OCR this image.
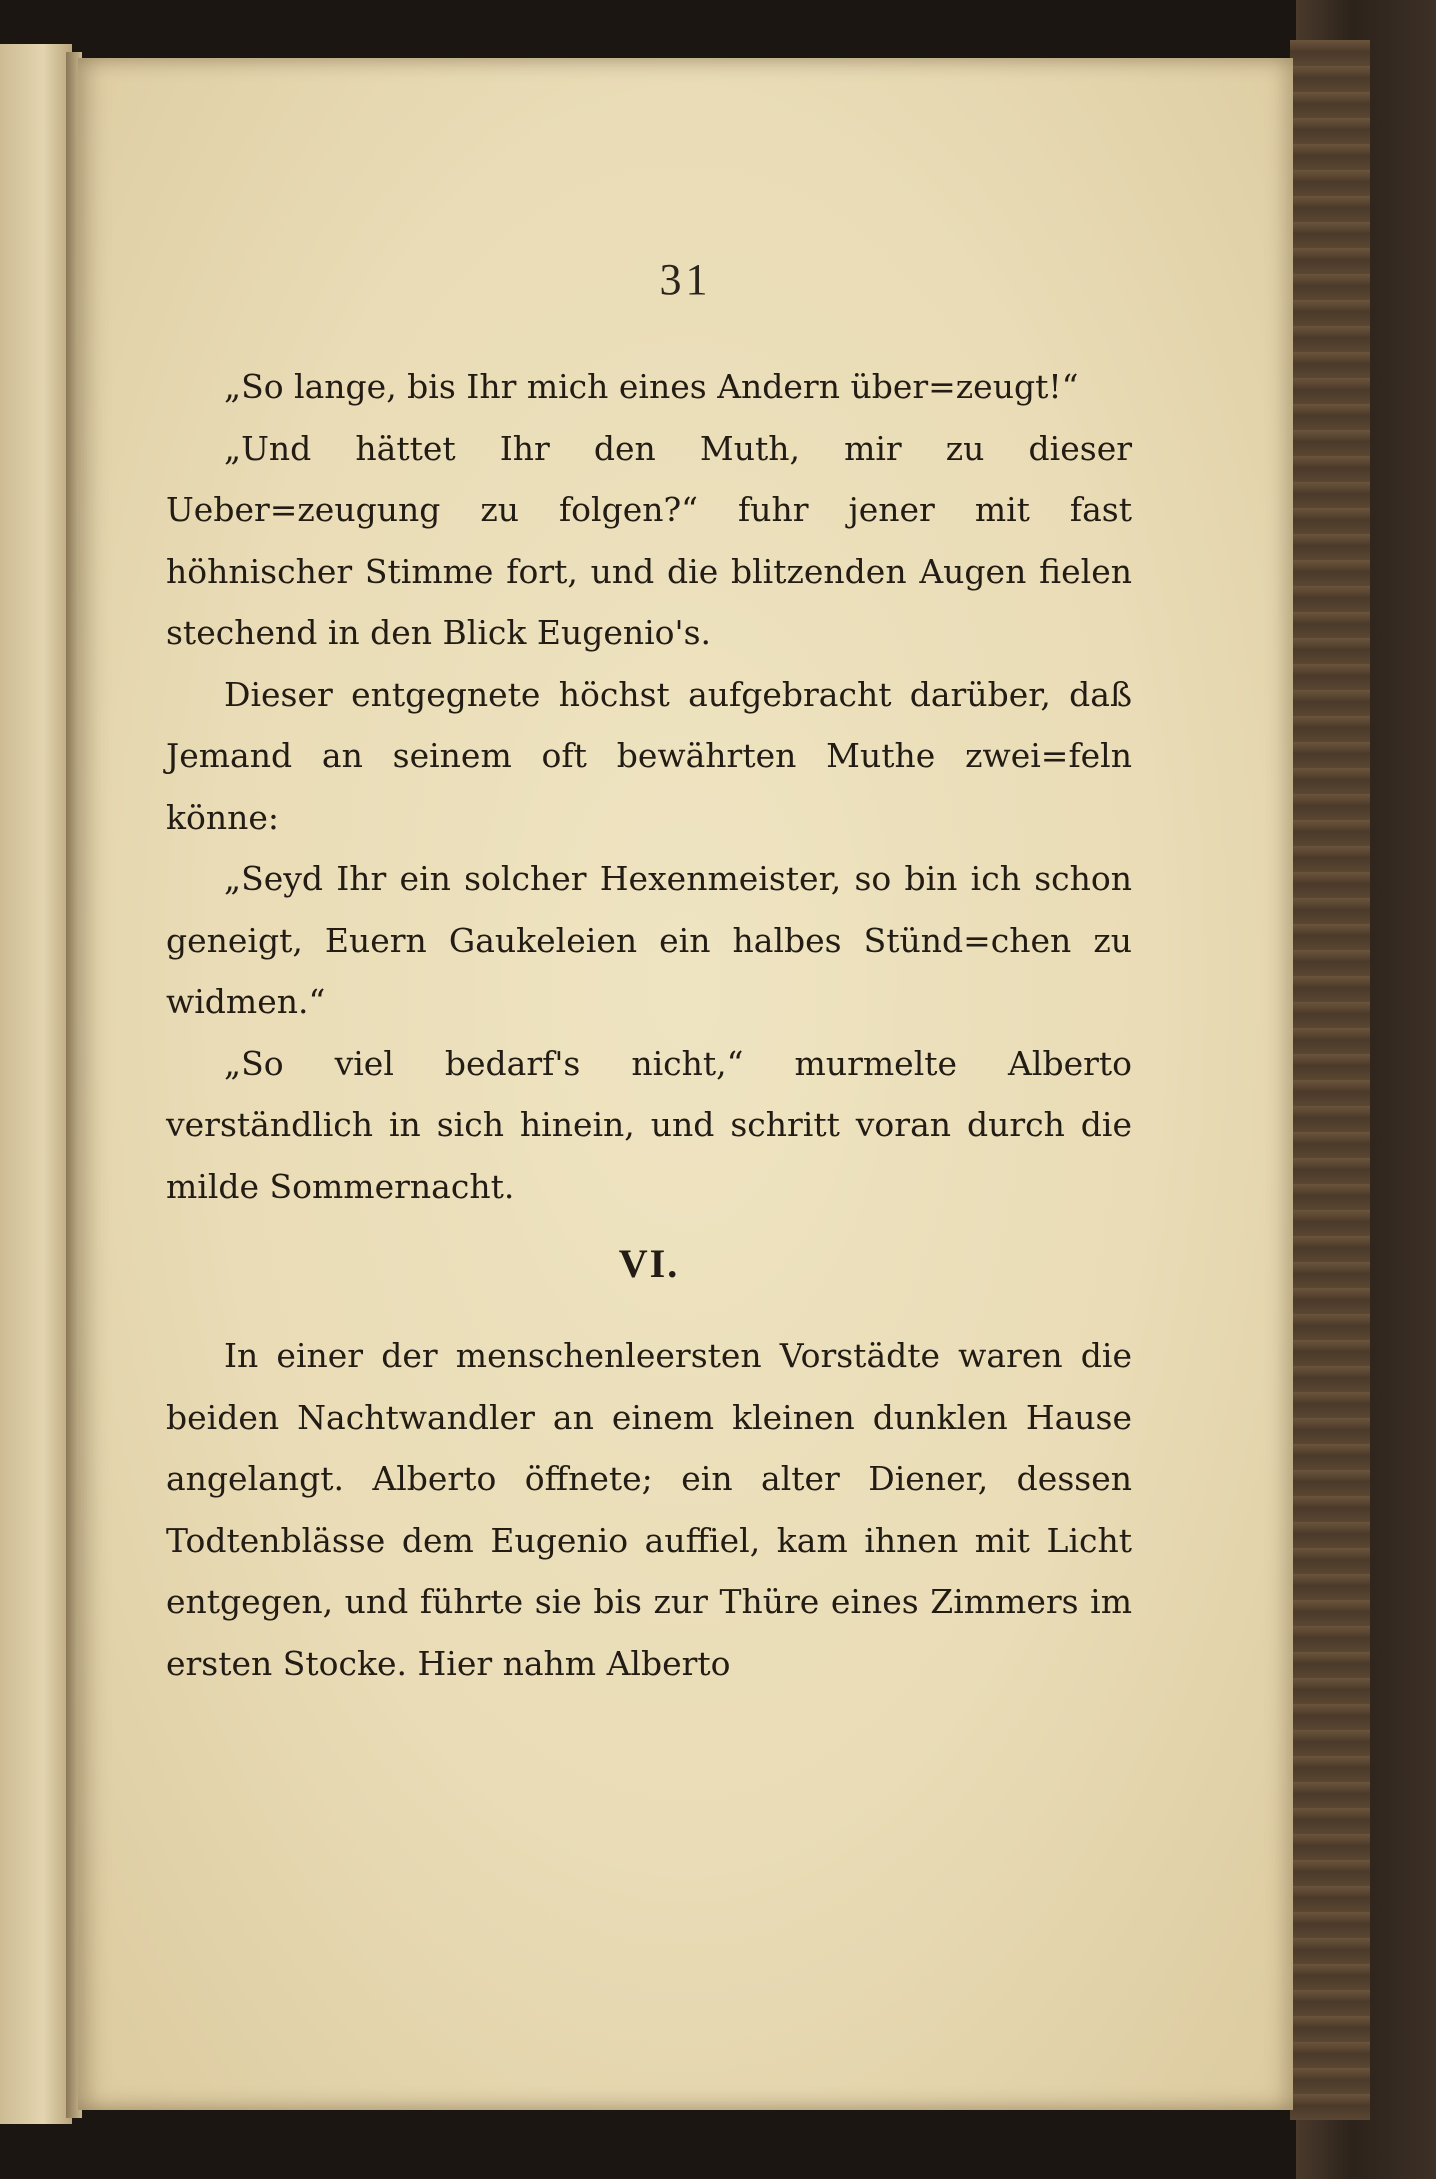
31

„So lange, bis Ihr mich eines Andern über=zeugt!“

„Und hättet Ihr den Muth, mir zu dieser Ueber=zeugung zu folgen?“ fuhr jener mit fast höhnischer Stimme fort, und die blitzenden Augen fielen stechend in den Blick Eugenio's.

Dieser entgegnete höchst aufgebracht darüber, daß Jemand an seinem oft bewährten Muthe zwei=feln könne:

„Seyd Ihr ein solcher Hexenmeister, so bin ich schon geneigt, Euern Gaukeleien ein halbes Stünd=chen zu widmen.“

„So viel bedarf's nicht,“ murmelte Alberto verständlich in sich hinein, und schritt voran durch die milde Sommernacht.

VI.

In einer der menschenleersten Vorstädte waren die beiden Nachtwandler an einem kleinen dunklen Hause angelangt. Alberto öffnete; ein alter Diener, dessen Todtenblässe dem Eugenio auffiel, kam ihnen mit Licht entgegen, und führte sie bis zur Thüre eines Zimmers im ersten Stocke. Hier nahm Alberto
